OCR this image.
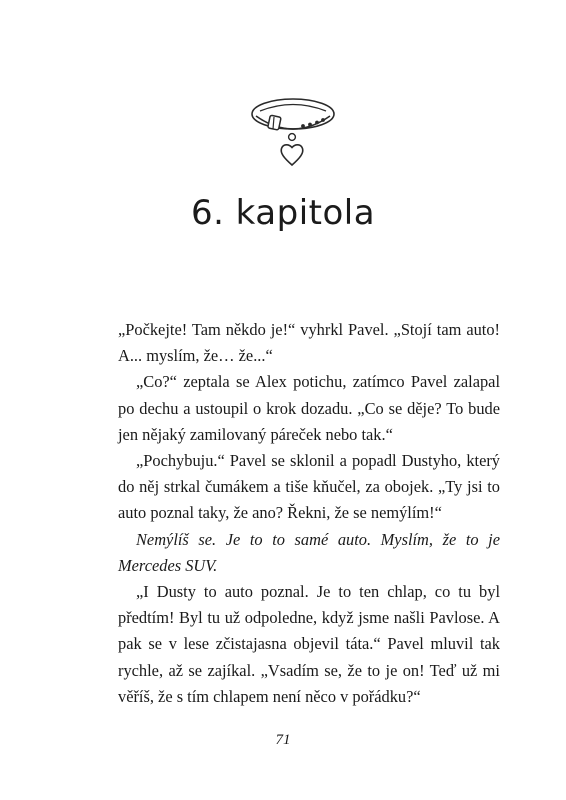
6. kapitola

„Počkejte! Tam někdo je!“ vyhrkl Pavel. „Stojí tam auto! A... myslím, že… že...“

„Co?“ zeptala se Alex potichu, zatímco Pavel zalapal po dechu a ustoupil o krok dozadu. „Co se děje? To bude jen nějaký zamilovaný páreček nebo tak.“

„Pochybuju.“ Pavel se sklonil a popadl Dustyho, který do něj strkal čumákem a tiše kňučel, za obojek. „Ty jsi to auto poznal taky, že ano? Řekni, že se nemýlím!“

Nemýlíš se. Je to to samé auto. Myslím, že to je Mercedes SUV.

„I Dusty to auto poznal. Je to ten chlap, co tu byl předtím! Byl tu už odpoledne, když jsme našli Pavlose. A pak se v lese zčistajasna objevil táta.“ Pavel mluvil tak rychle, až se zajíkal. „Vsadím se, že to je on! Teď už mi věříš, že s tím chlapem není něco v pořádku?“

71
